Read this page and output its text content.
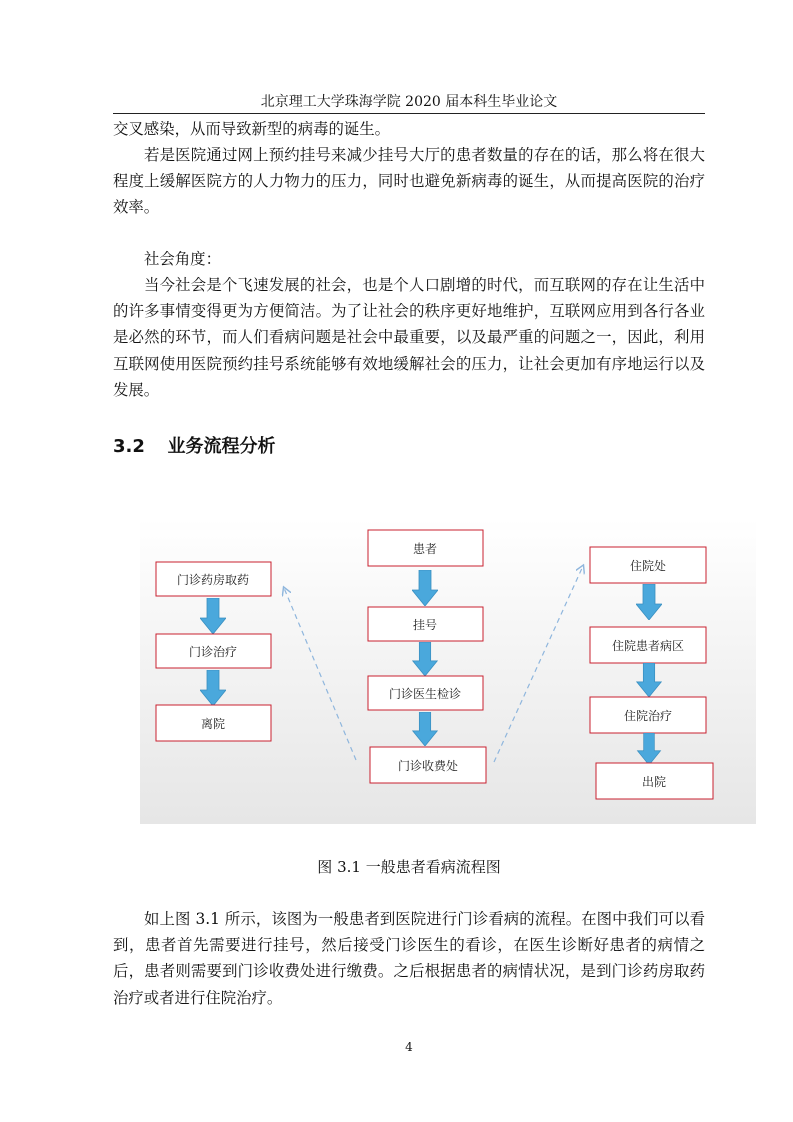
北京理工大学珠海学院 2020 届本科生毕业论文

交叉感染，从而导致新型的病毒的诞生。

若是医院通过网上预约挂号来减少挂号大厅的患者数量的存在的话，那么将在很大程度上缓解医院方的人力物力的压力，同时也避免新病毒的诞生，从而提高医院的治疗效率。

社会角度：

当今社会是个飞速发展的社会，也是个人口剧增的时代，而互联网的存在让生活中的许多事情变得更为方便简洁。为了让社会的秩序更好地维护，互联网应用到各行各业是必然的环节，而人们看病问题是社会中最重要，以及最严重的问题之一，因此，利用互联网使用医院预约挂号系统能够有效地缓解社会的压力，让社会更加有序地运行以及发展。

3.2 业务流程分析
门诊药房取药
门诊治疗
离院
患者
挂号
门诊医生检诊
门诊收费处
住院处
住院患者病区
住院治疗
出院
图 3.1 一般患者看病流程图

如上图 3.1 所示，该图为一般患者到医院进行门诊看病的流程。在图中我们可以看到，患者首先需要进行挂号，然后接受门诊医生的看诊，在医生诊断好患者的病情之后，患者则需要到门诊收费处进行缴费。之后根据患者的病情状况，是到门诊药房取药治疗或者进行住院治疗。

4
